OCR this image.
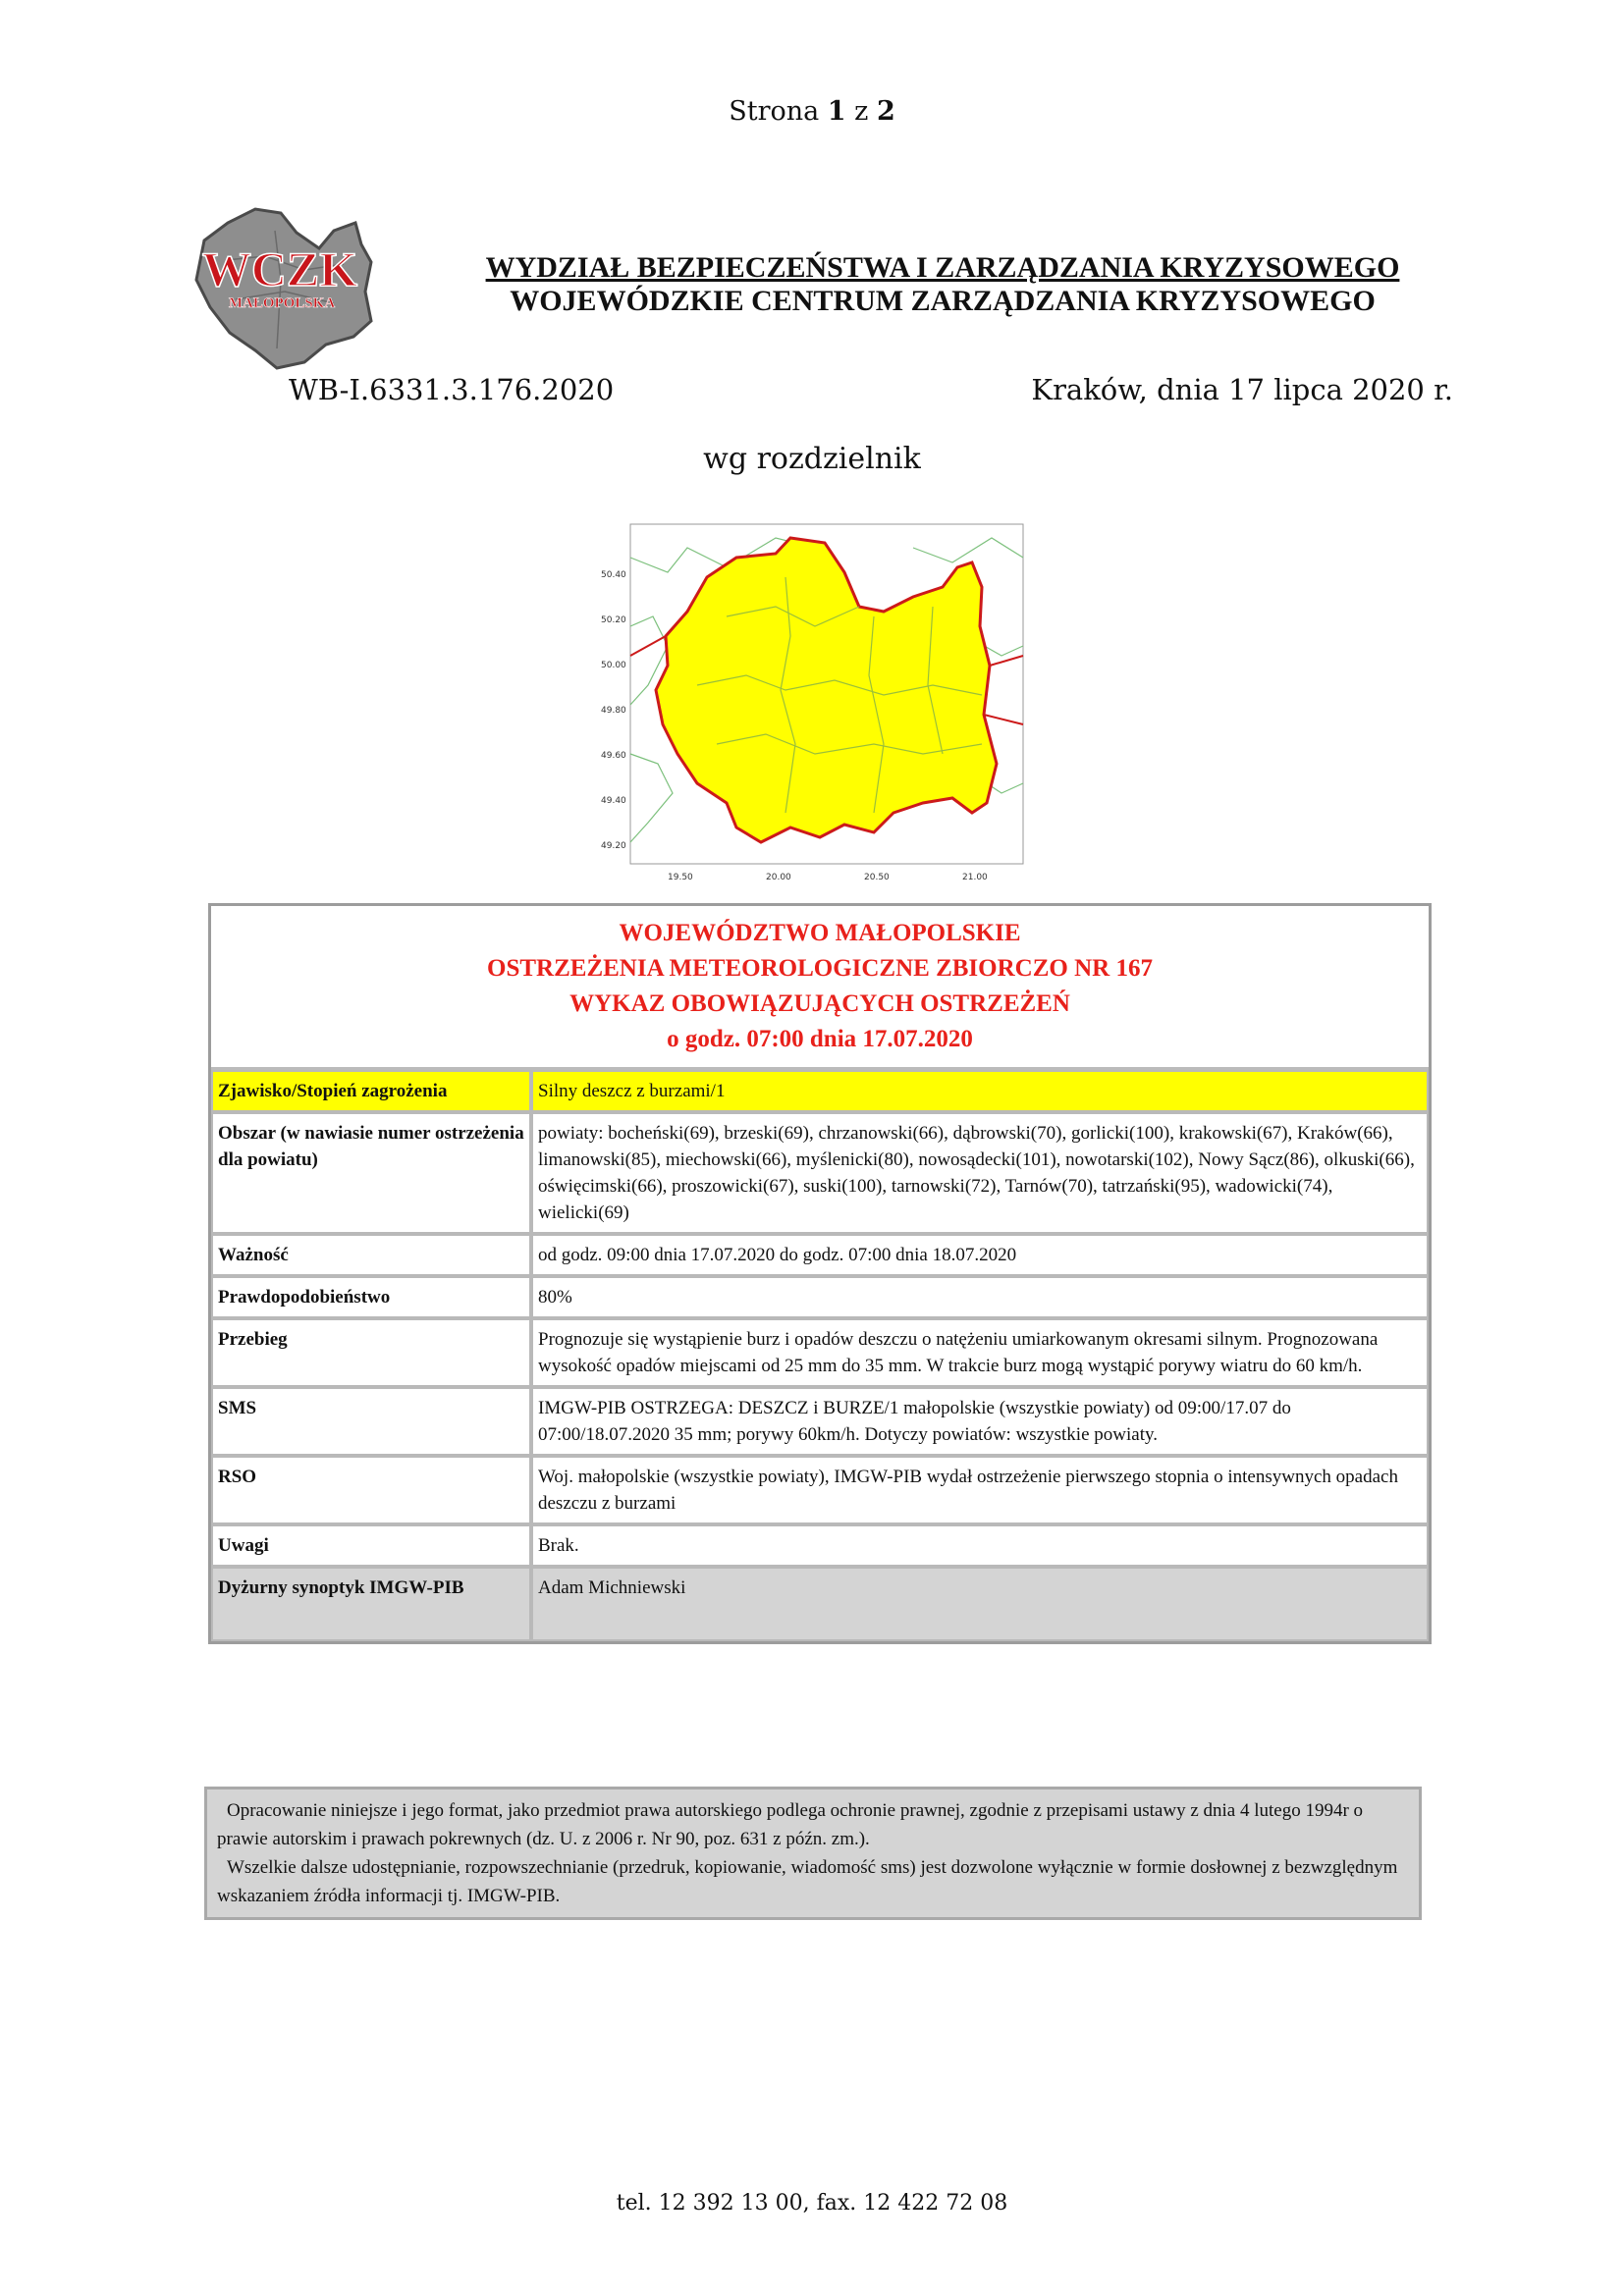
Strona 1 z 2
WCZK
MAŁOPOLSKA
WYDZIAŁ BEZPIECZEŃSTWA I ZARZĄDZANIA KRYZYSOWEGO
WOJEWÓDZKIE CENTRUM ZARZĄDZANIA KRYZYSOWEGO
WB-I.6331.3.176.2020	Kraków, dnia 17 lipca 2020 r.
wg rozdzielnik
50.40
50.20
50.00
49.80
49.60
49.40
49.20
19.50	20.00	20.50	21.00
WOJEWÓDZTWO MAŁOPOLSKIE
OSTRZEŻENIA METEOROLOGICZNE ZBIORCZO NR 167
WYKAZ OBOWIĄZUJĄCYCH OSTRZEŻEŃ
o godz. 07:00 dnia 17.07.2020
Zjawisko/Stopień zagrożenia	Silny deszcz z burzami/1
Obszar (w nawiasie numer ostrzeżenia dla powiatu)	powiaty: bocheński(69), brzeski(69), chrzanowski(66), dąbrowski(70), gorlicki(100), krakowski(67), Kraków(66), limanowski(85), miechowski(66), myślenicki(80), nowosądecki(101), nowotarski(102), Nowy Sącz(86), olkuski(66), oświęcimski(66), proszowicki(67), suski(100), tarnowski(72), Tarnów(70), tatrzański(95), wadowicki(74), wielicki(69)
Ważność	od godz. 09:00 dnia 17.07.2020 do godz. 07:00 dnia 18.07.2020
Prawdopodobieństwo	80%
Przebieg	Prognozuje się wystąpienie burz i opadów deszczu o natężeniu umiarkowanym okresami silnym. Prognozowana wysokość opadów miejscami od 25 mm do 35 mm. W trakcie burz mogą wystąpić porywy wiatru do 60 km/h.
SMS	IMGW-PIB OSTRZEGA: DESZCZ i BURZE/1 małopolskie (wszystkie powiaty) od 09:00/17.07 do 07:00/18.07.2020 35 mm; porywy 60km/h. Dotyczy powiatów: wszystkie powiaty.
RSO	Woj. małopolskie (wszystkie powiaty), IMGW-PIB wydał ostrzeżenie pierwszego stopnia o intensywnych opadach deszczu z burzami
Uwagi	Brak.
Dyżurny synoptyk IMGW-PIB	Adam Michniewski
Opracowanie niniejsze i jego format, jako przedmiot prawa autorskiego podlega ochronie prawnej, zgodnie z przepisami ustawy z dnia 4 lutego 1994r o prawie autorskim i prawach pokrewnych (dz. U. z 2006 r. Nr 90, poz. 631 z późn. zm.).
Wszelkie dalsze udostępnianie, rozpowszechnianie (przedruk, kopiowanie, wiadomość sms) jest dozwolone wyłącznie w formie dosłownej z bezwzględnym wskazaniem źródła informacji tj. IMGW-PIB.
tel. 12 392 13 00, fax. 12 422 72 08
